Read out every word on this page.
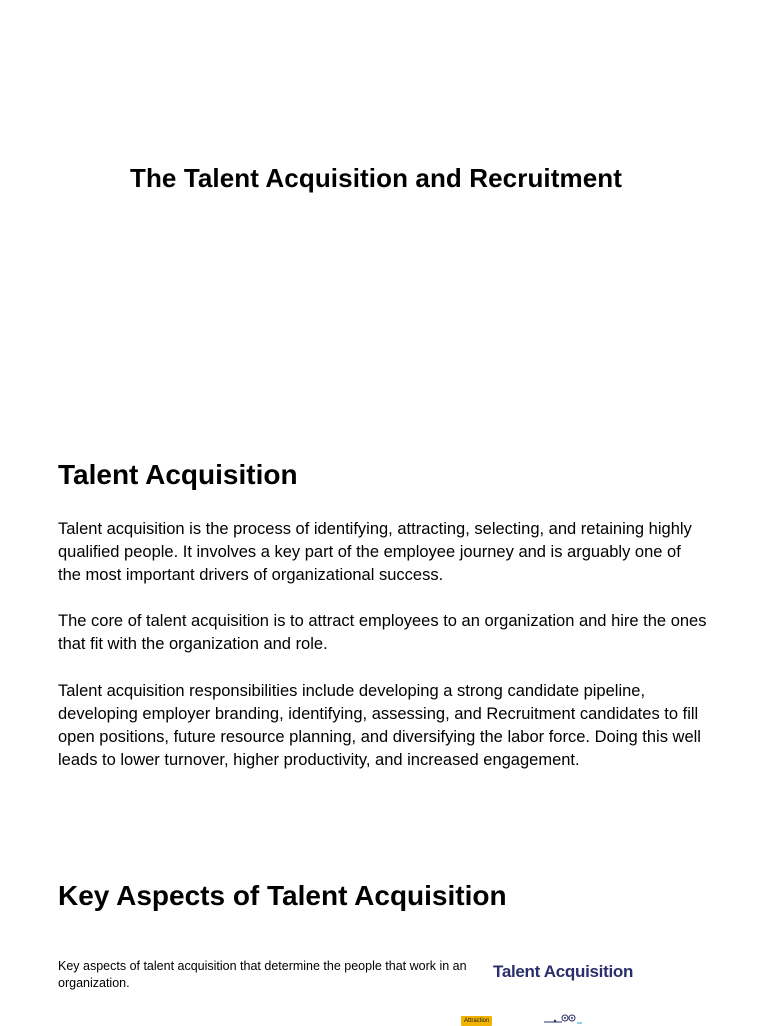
The Talent Acquisition and Recruitment
Talent Acquisition

Talent acquisition is the process of identifying, attracting, selecting, and retaining highly qualified people. It involves a key part of the employee journey and is arguably one of the most important drivers of organizational success.

The core of talent acquisition is to attract employees to an organization and hire the ones that fit with the organization and role.

Talent acquisition responsibilities include developing a strong candidate pipeline, developing employer branding, identifying, assessing, and Recruitment candidates to fill open positions, future resource planning, and diversifying the labor force. Doing this well leads to lower turnover, higher productivity, and increased engagement.

Key Aspects of Talent Acquisition

Key aspects of talent acquisition that determine the people that work in an organization.

Talent Acquisition
Attraction
